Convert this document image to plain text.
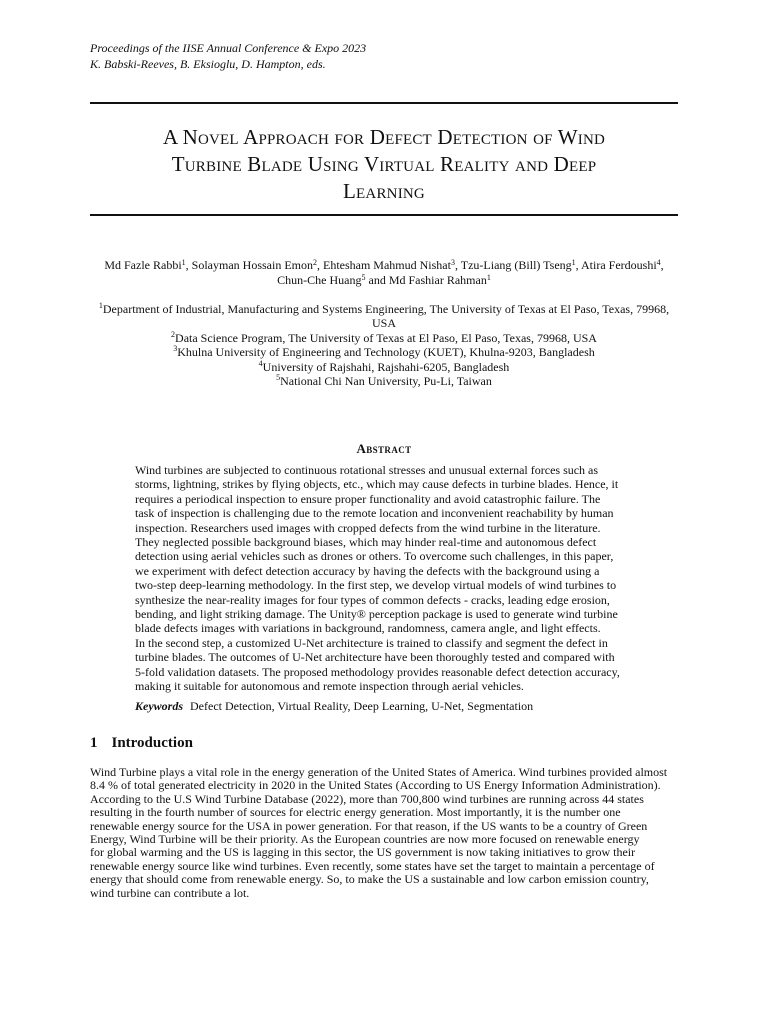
Proceedings of the IISE Annual Conference & Expo 2023
K. Babski-Reeves, B. Eksioglu, D. Hampton, eds.
A Novel Approach for Defect Detection of Wind
Turbine Blade Using Virtual Reality and Deep
Learning
Md Fazle Rabbi$^1$, Solayman Hossain Emon$^2$, Ehtesham Mahmud Nishat$^3$, Tzu-Liang (Bill) Tseng$^1$, Atira Ferdoushi$^4$,
Chun-Che Huang$^5$ and Md Fashiar Rahman$^1$
$^1$Department of Industrial, Manufacturing and Systems Engineering, The University of Texas at El Paso, Texas, 79968,
USA
$^2$Data Science Program, The University of Texas at El Paso, El Paso, Texas, 79968, USA
$^3$Khulna University of Engineering and Technology (KUET), Khulna-9203, Bangladesh
$^4$University of Rajshahi, Rajshahi-6205, Bangladesh
$^5$National Chi Nan University, Pu-Li, Taiwan
Abstract
Wind turbines are subjected to continuous rotational stresses and unusual external forces such as
storms, lightning, strikes by flying objects, etc., which may cause defects in turbine blades. Hence, it
requires a periodical inspection to ensure proper functionality and avoid catastrophic failure. The
task of inspection is challenging due to the remote location and inconvenient reachability by human
inspection. Researchers used images with cropped defects from the wind turbine in the literature.
They neglected possible background biases, which may hinder real-time and autonomous defect
detection using aerial vehicles such as drones or others. To overcome such challenges, in this paper,
we experiment with defect detection accuracy by having the defects with the background using a
two-step deep-learning methodology. In the first step, we develop virtual models of wind turbines to
synthesize the near-reality images for four types of common defects - cracks, leading edge erosion,
bending, and light striking damage. The Unity® perception package is used to generate wind turbine
blade defects images with variations in background, randomness, camera angle, and light effects.
In the second step, a customized U-Net architecture is trained to classify and segment the defect in
turbine blades. The outcomes of U-Net architecture have been thoroughly tested and compared with
5-fold validation datasets. The proposed methodology provides reasonable defect detection accuracy,
making it suitable for autonomous and remote inspection through aerial vehicles.
Keywords Defect Detection, Virtual Reality, Deep Learning, U-Net, Segmentation
1 Introduction
Wind Turbine plays a vital role in the energy generation of the United States of America. Wind turbines provided almost
8.4 % of total generated electricity in 2020 in the United States (According to US Energy Information Administration).
According to the U.S Wind Turbine Database (2022), more than 700,800 wind turbines are running across 44 states
resulting in the fourth number of sources for electric energy generation. Most importantly, it is the number one
renewable energy source for the USA in power generation. For that reason, if the US wants to be a country of Green
Energy, Wind Turbine will be their priority. As the European countries are now more focused on renewable energy
for global warming and the US is lagging in this sector, the US government is now taking initiatives to grow their
renewable energy source like wind turbines. Even recently, some states have set the target to maintain a percentage of
energy that should come from renewable energy. So, to make the US a sustainable and low carbon emission country,
wind turbine can contribute a lot.
